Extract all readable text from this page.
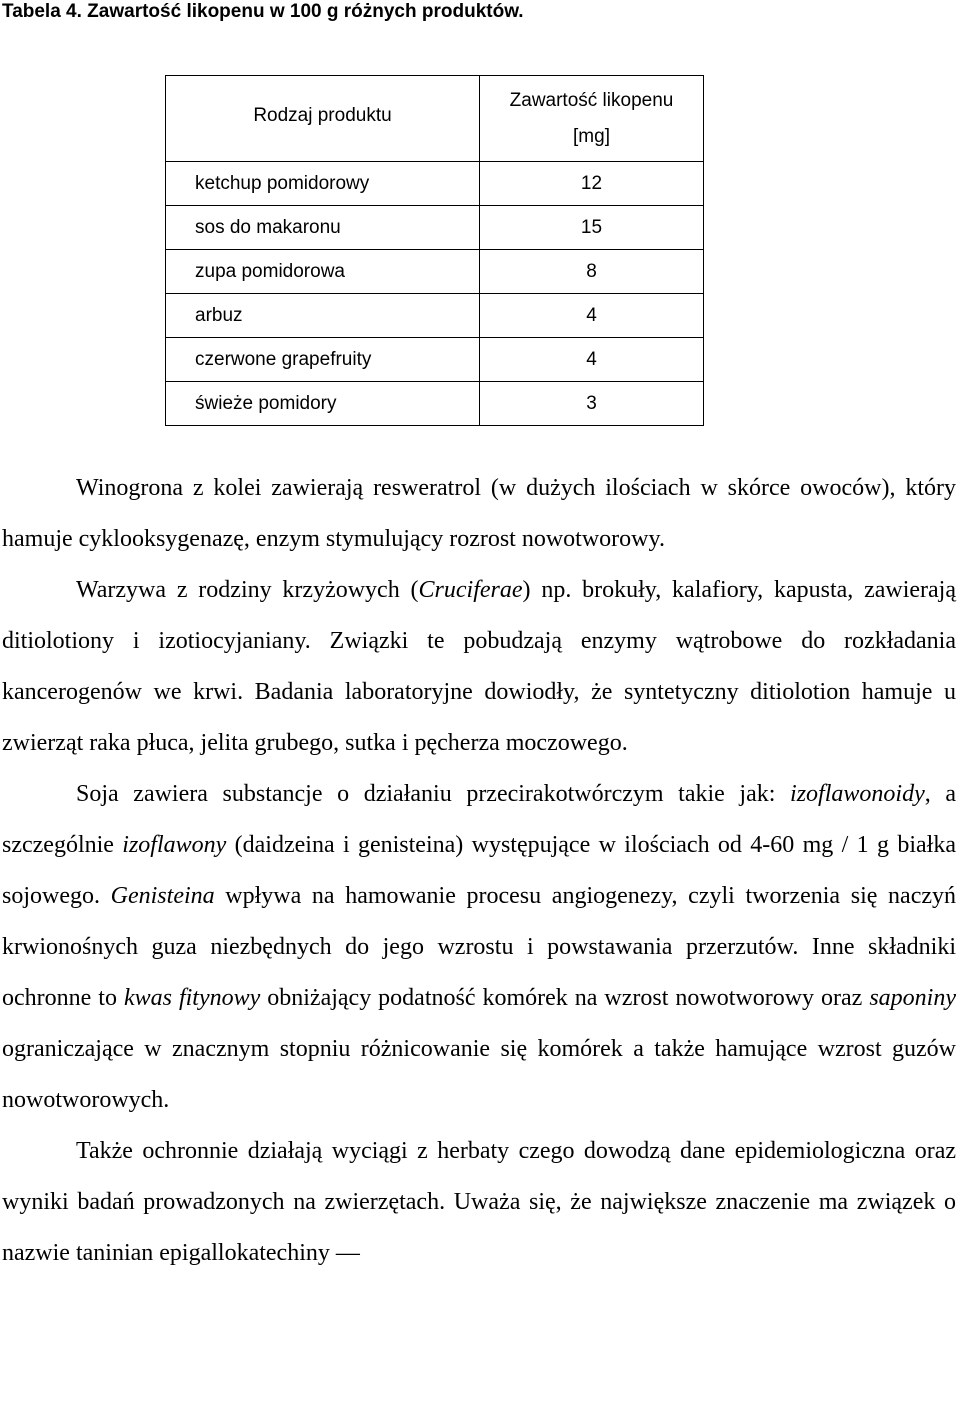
Tabela 4. Zawartość likopenu w 100 g różnych produktów.
Rodzaj produktu	Zawartość likopenu
[mg]
ketchup pomidorowy	12
sos do makaronu	15
zupa pomidorowa	8
arbuz	4
czerwone grapefruity	4
świeże pomidory	3

Winogrona z kolei zawierają resweratrol (w dużych ilościach w skórce owoców), który hamuje cyklooksygenazę, enzym stymulujący rozrost nowotworowy.

Warzywa z rodziny krzyżowych (Cruciferae) np. brokuły, kalafiory, kapusta, zawierają ditiolotiony i izotiocyjaniany. Związki te pobudzają enzymy wątrobowe do rozkładania kancerogenów we krwi. Badania laboratoryjne dowiodły, że syntetyczny ditiolotion hamuje u zwierząt raka płuca, jelita grubego, sutka i pęcherza moczowego.

Soja zawiera substancje o działaniu przecirakotwórczym takie jak: izoflawonoidy, a szczególnie izoflawony (daidzeina i genisteina) występujące w ilościach od 4-60 mg / 1 g białka sojowego. Genisteina wpływa na hamowanie procesu angiogenezy, czyli tworzenia się naczyń krwionośnych guza niezbędnych do jego wzrostu i powstawania przerzutów. Inne składniki ochronne to kwas fitynowy obniżający podatność komórek na wzrost nowotworowy oraz saponiny ograniczające w znacznym stopniu różnicowanie się komórek a także hamujące wzrost guzów nowotworowych.

Także ochronnie działają wyciągi z herbaty czego dowodzą dane epidemiologiczna oraz wyniki badań prowadzonych na zwierzętach. Uważa się, że największe znaczenie ma związek o nazwie taninian epigallokatechiny —
